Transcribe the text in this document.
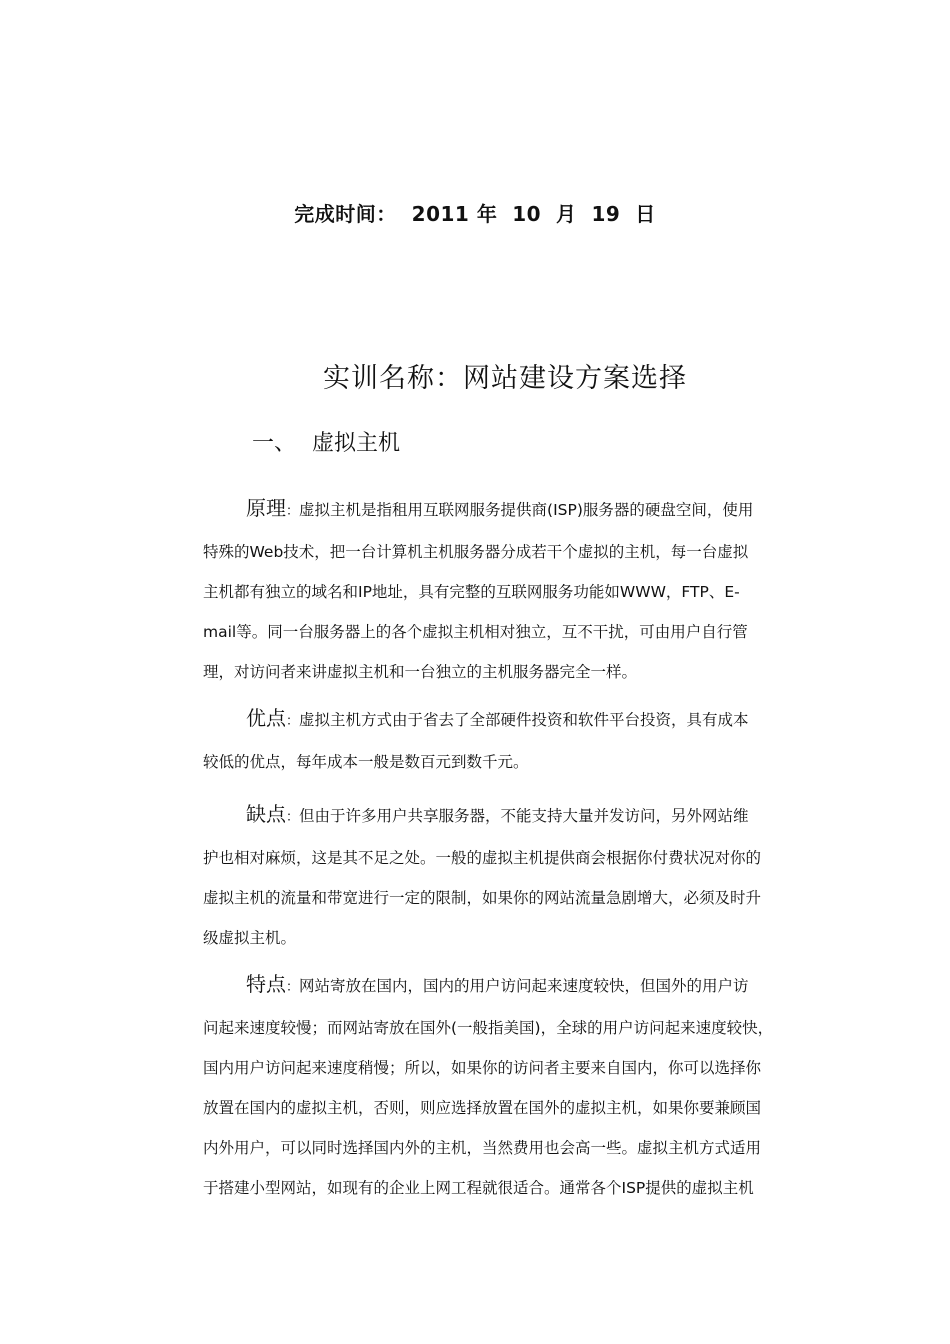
完成时间： 2011 年 10 月 19 日
实训名称：网站建设方案选择
一、 虚拟主机
原理：虚拟主机是指租用互联网服务提供商(ISP)服务器的硬盘空间，使用
特殊的Web技术，把一台计算机主机服务器分成若干个虚拟的主机，每一台虚拟
主机都有独立的域名和IP地址，具有完整的互联网服务功能如WWW，FTP、E-
mail等。同一台服务器上的各个虚拟主机相对独立，互不干扰，可由用户自行管
理，对访问者来讲虚拟主机和一台独立的主机服务器完全一样。
优点：虚拟主机方式由于省去了全部硬件投资和软件平台投资，具有成本
较低的优点，每年成本一般是数百元到数千元。
缺点：但由于许多用户共享服务器，不能支持大量并发访问，另外网站维
护也相对麻烦，这是其不足之处。一般的虚拟主机提供商会根据你付费状况对你的
虚拟主机的流量和带宽进行一定的限制，如果你的网站流量急剧增大，必须及时升
级虚拟主机。
特点：网站寄放在国内，国内的用户访问起来速度较快，但国外的用户访
问起来速度较慢；而网站寄放在国外(一般指美国)，全球的用户访问起来速度较快，
国内用户访问起来速度稍慢；所以，如果你的访问者主要来自国内，你可以选择你
放置在国内的虚拟主机，否则，则应选择放置在国外的虚拟主机，如果你要兼顾国
内外用户，可以同时选择国内外的主机，当然费用也会高一些。虚拟主机方式适用
于搭建小型网站，如现有的企业上网工程就很适合。通常各个ISP提供的虚拟主机
